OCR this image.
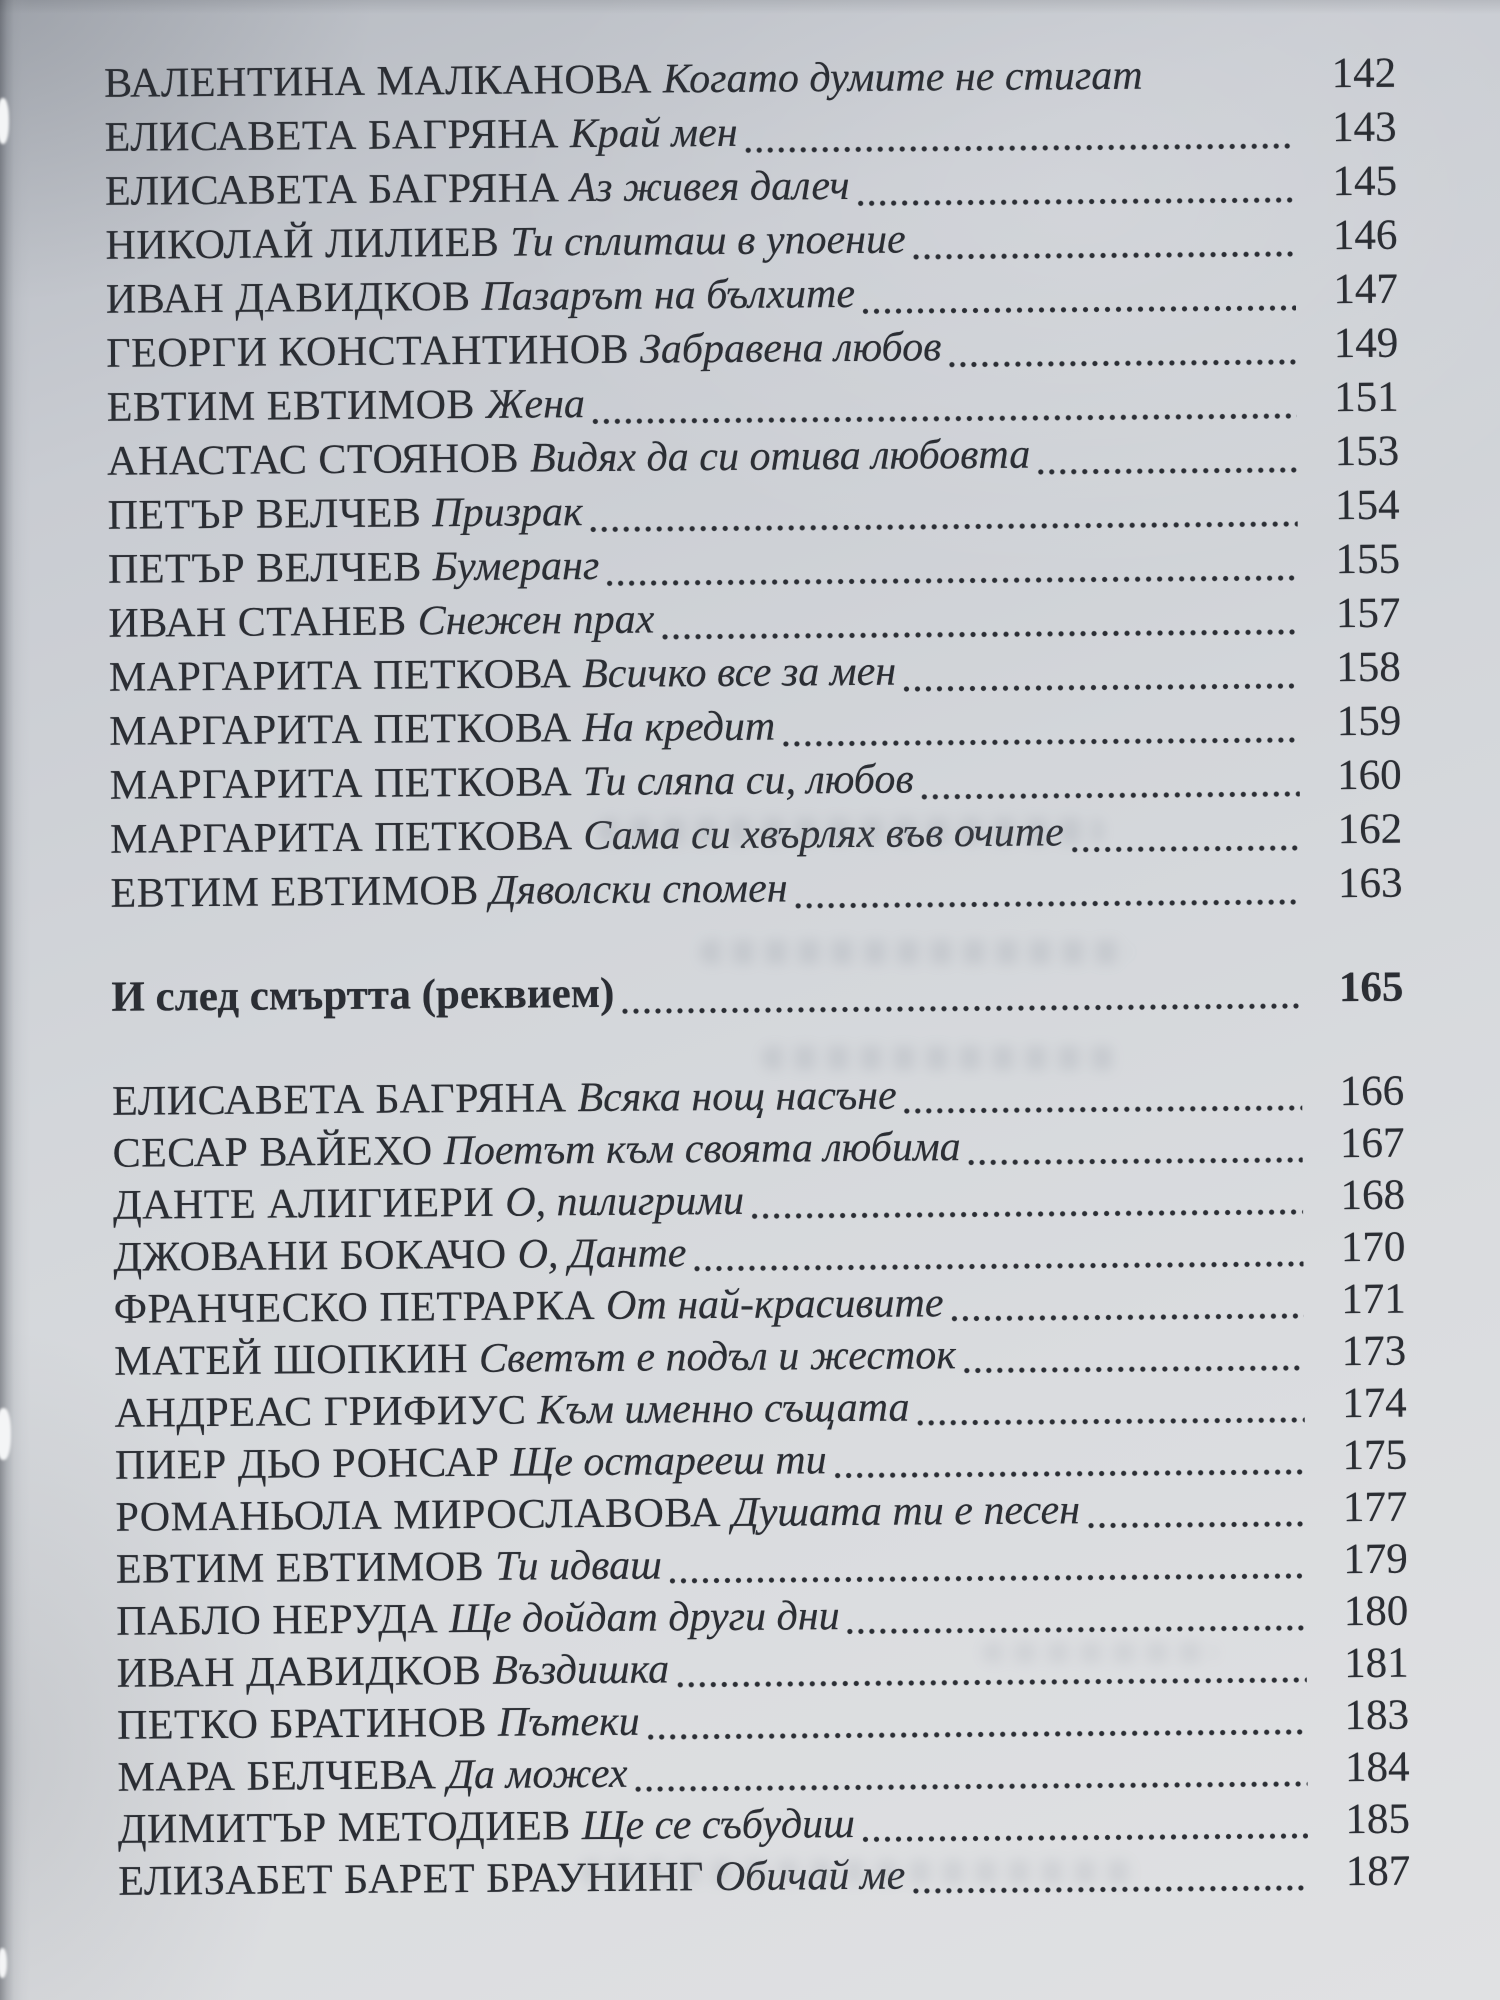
ВАЛЕНТИНА МАЛКАНОВА Когато думите не стигат	142
ЕЛИСАВЕТА БАГРЯНА Край мен	143
ЕЛИСАВЕТА БАГРЯНА Аз живея далеч	145
НИКОЛАЙ ЛИЛИЕВ Ти сплиташ в упоение	146
ИВАН ДАВИДКОВ Пазарът на бълхите	147
ГЕОРГИ КОНСТАНТИНОВ Забравена любов	149
ЕВТИМ ЕВТИМОВ Жена	151
АНАСТАС СТОЯНОВ Видях да си отива любовта	153
ПЕТЪР ВЕЛЧЕВ Призрак	154
ПЕТЪР ВЕЛЧЕВ Бумеранг	155
ИВАН СТАНЕВ Снежен прах	157
МАРГАРИТА ПЕТКОВА Всичко все за мен	158
МАРГАРИТА ПЕТКОВА На кредит	159
МАРГАРИТА ПЕТКОВА Ти сляпа си, любов	160
МАРГАРИТА ПЕТКОВА Сама си хвърлях във очите	162
ЕВТИМ ЕВТИМОВ Дяволски спомен	163
И след смъртта (реквием)	165
ЕЛИСАВЕТА БАГРЯНА Всяка нощ насъне	166
СЕСАР ВАЙЕХО Поетът към своята любима	167
ДАНТЕ АЛИГИЕРИ О, пилигрими	168
ДЖОВАНИ БОКАЧО О, Данте	170
ФРАНЧЕСКО ПЕТРАРКА От най-красивите	171
МАТЕЙ ШОПКИН Светът е подъл и жесток	173
АНДРЕАС ГРИФИУС Към именно същата	174
ПИЕР ДЬО РОНСАР Ще остарееш ти	175
РОМАНЬОЛА МИРОСЛАВОВА Душата ти е песен	177
ЕВТИМ ЕВТИМОВ Ти идваш	179
ПАБЛО НЕРУДА Ще дойдат други дни	180
ИВАН ДАВИДКОВ Въздишка	181
ПЕТКО БРАТИНОВ Пътеки	183
МАРА БЕЛЧЕВА Да можех	184
ДИМИТЪР МЕТОДИЕВ Ще се събудиш	185
ЕЛИЗАБЕТ БАРЕТ БРАУНИНГ Обичай ме	187
